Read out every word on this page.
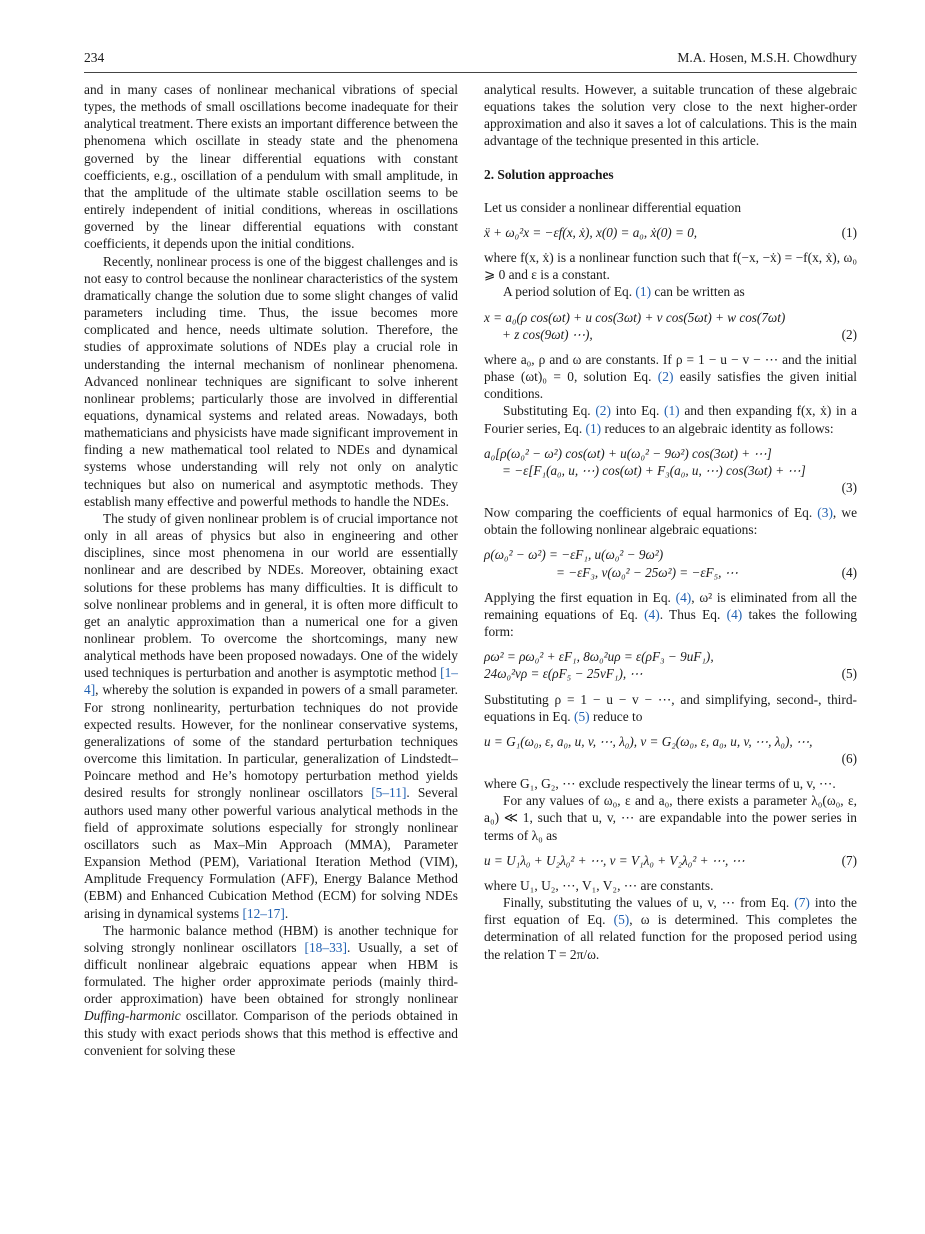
234	M.A. Hosen, M.S.H. Chowdhury

and in many cases of nonlinear mechanical vibrations of special types, the methods of small oscillations become inadequate for their analytical treatment. There exists an important difference between the phenomena which oscillate in steady state and the phenomena governed by the linear differential equations with constant coefficients, e.g., oscillation of a pendulum with small amplitude, in that the amplitude of the ultimate stable oscillation seems to be entirely independent of initial conditions, whereas in oscillations governed by the linear differential equations with constant coefficients, it depends upon the initial conditions.

Recently, nonlinear process is one of the biggest challenges and is not easy to control because the nonlinear characteristics of the system dramatically change the solution due to some slight changes of valid parameters including time. Thus, the issue becomes more complicated and hence, needs ultimate solution. Therefore, the studies of approximate solutions of NDEs play a crucial role in understanding the internal mechanism of nonlinear phenomena. Advanced nonlinear techniques are significant to solve inherent nonlinear problems; particularly those are involved in differential equations, dynamical systems and related areas. Nowadays, both mathematicians and physicists have made significant improvement in finding a new mathematical tool related to NDEs and dynamical systems whose understanding will rely not only on analytic techniques but also on numerical and asymptotic methods. They establish many effective and powerful methods to handle the NDEs.

The study of given nonlinear problem is of crucial importance not only in all areas of physics but also in engineering and other disciplines, since most phenomena in our world are essentially nonlinear and are described by NDEs. Moreover, obtaining exact solutions for these problems has many difficulties. It is difficult to solve nonlinear problems and in general, it is often more difficult to get an analytic approximation than a numerical one for a given nonlinear problem. To overcome the shortcomings, many new analytical methods have been proposed nowadays. One of the widely used techniques is perturbation and another is asymptotic method [1–4], whereby the solution is expanded in powers of a small parameter. For strong nonlinearity, perturbation techniques do not provide expected results. However, for the nonlinear conservative systems, generalizations of some of the standard perturbation techniques overcome this limitation. In particular, generalization of Lindstedt–Poincare method and He’s homotopy perturbation method yields desired results for strongly nonlinear oscillators [5–11]. Several authors used many other powerful various analytical methods in the field of approximate solutions especially for strongly nonlinear oscillators such as Max–Min Approach (MMA), Parameter Expansion Method (PEM), Variational Iteration Method (VIM), Amplitude Frequency Formulation (AFF), Energy Balance Method (EBM) and Enhanced Cubication Method (ECM) for solving NDEs arising in dynamical systems [12–17].

The harmonic balance method (HBM) is another technique for solving strongly nonlinear oscillators [18–33]. Usually, a set of difficult nonlinear algebraic equations appear when HBM is formulated. The higher order approximate periods (mainly third-order approximation) have been obtained for strongly nonlinear Duffing-harmonic oscillator. Comparison of the periods obtained in this study with exact periods shows that this method is effective and convenient for solving these

analytical results. However, a suitable truncation of these algebraic equations takes the solution very close to the next higher-order approximation and also it saves a lot of calculations. This is the main advantage of the technique presented in this article.

2. Solution approaches

Let us consider a nonlinear differential equation

ẍ + ω₀²x = −εf(x, ẋ), x(0) = a₀, ẋ(0) = 0,	(1)

where f(x, ẋ) is a nonlinear function such that f(−x, −ẋ) = −f(x, ẋ), ω₀ ⩾ 0 and ε is a constant.

A period solution of Eq. (1) can be written as

x = a₀(ρ cos(ωt) + u cos(3ωt) + v cos(5ωt) + w cos(7ωt)
+ z cos(9ωt) ⋯),	(2)

where a₀, ρ and ω are constants. If ρ = 1 − u − v − ⋯ and the initial phase (ωt)₀ = 0, solution Eq. (2) easily satisfies the given initial conditions.

Substituting Eq. (2) into Eq. (1) and then expanding f(x, ẋ) in a Fourier series, Eq. (1) reduces to an algebraic identity as follows:

a₀[ρ(ω₀² − ω²) cos(ωt) + u(ω₀² − 9ω²) cos(3ωt) + ⋯]
= −ε[F₁(a₀, u, ⋯) cos(ωt) + F₃(a₀, u, ⋯) cos(3ωt) + ⋯]
(3)

Now comparing the coefficients of equal harmonics of Eq. (3), we obtain the following nonlinear algebraic equations:

ρ(ω₀² − ω²) = −εF₁, u(ω₀² − 9ω²)
= −εF₃, v(ω₀² − 25ω²) = −εF₅, ⋯	(4)

Applying the first equation in Eq. (4), ω² is eliminated from all the remaining equations of Eq. (4). Thus Eq. (4) takes the following form:

ρω² = ρω₀² + εF₁, 8ω₀²uρ = ε(ρF₃ − 9uF₁),
24ω₀²vρ = ε(ρF₅ − 25vF₁), ⋯	(5)

Substituting ρ = 1 − u − v − ⋯, and simplifying, second-, third- equations in Eq. (5) reduce to

u = G₁(ω₀, ε, a₀, u, v, ⋯, λ₀), v = G₂(ω₀, ε, a₀, u, v, ⋯, λ₀), ⋯,
(6)

where G₁, G₂, ⋯ exclude respectively the linear terms of u, v, ⋯.

For any values of ω₀, ε and a₀, there exists a parameter λ₀(ω₀, ε, a₀) ≪ 1, such that u, v, ⋯ are expandable into the power series in terms of λ₀ as

u = U₁λ₀ + U₂λ₀² + ⋯, v = V₁λ₀ + V₂λ₀² + ⋯, ⋯	(7)

where U₁, U₂, ⋯, V₁, V₂, ⋯ are constants.

Finally, substituting the values of u, v, ⋯ from Eq. (7) into the first equation of Eq. (5), ω is determined. This completes the determination of all related function for the proposed period using the relation T = 2π/ω.
